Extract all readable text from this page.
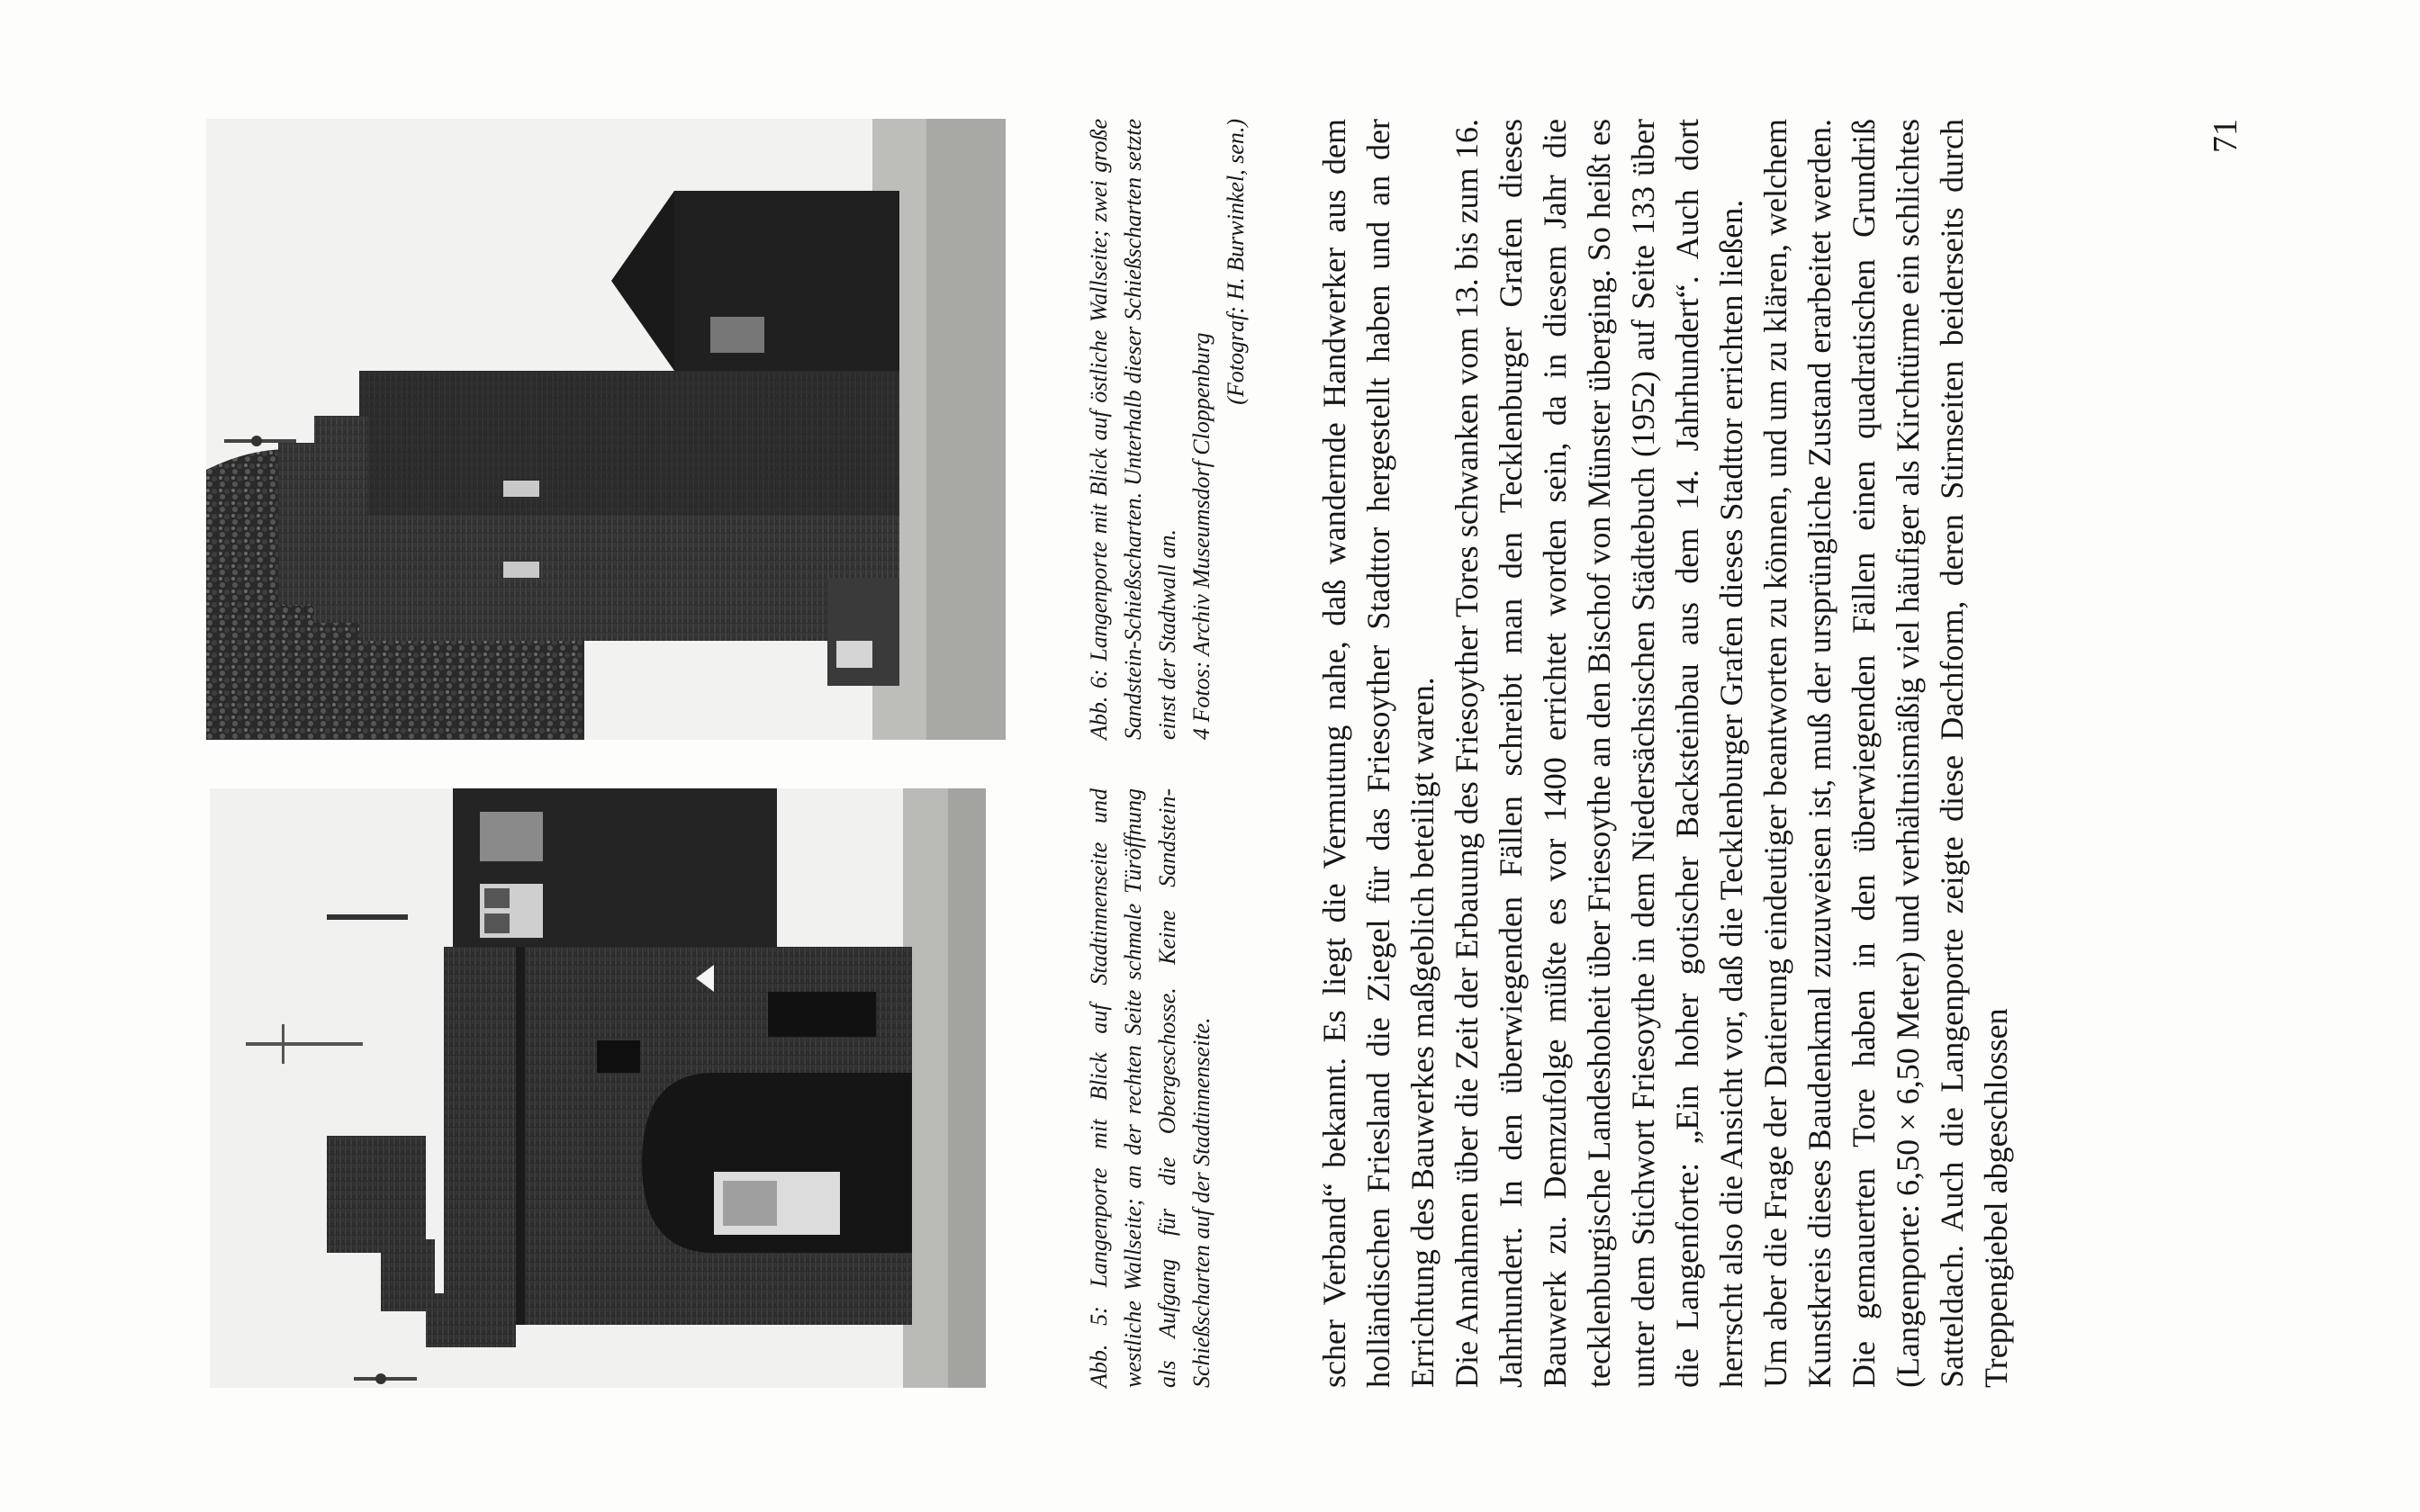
Abb. 5: Langenporte mit Blick auf Stadtinnenseite und westliche Wallseite; an der rechten Seite schmale Türöffnung als Aufgang für die Obergeschosse. Keine Sandstein-Schießscharten auf der Stadtinnenseite.

Abb. 6: Langenporte mit Blick auf östliche Wallseite; zwei große Sandstein-Schießscharten. Unterhalb dieser Schießscharten setzte einst der Stadtwall an. 4 Fotos: Archiv Museumsdorf Cloppenburg

(Fotograf: H. Burwinkel, sen.) scher Verband“ bekannt. Es liegt die Vermutung nahe, daß wandernde Handwerker aus dem holländischen Friesland die Ziegel für das Friesoyther Stadttor hergestellt haben und an der Errichtung des Bauwerkes maßgeblich beteiligt waren. Die Annahmen über die Zeit der Erbauung des Friesoyther Tores schwanken vom 13. bis zum 16. Jahrhundert. In den überwiegenden Fällen schreibt man den Tecklenburger Grafen dieses Bauwerk zu. Demzufolge müßte es vor 1400 errichtet worden sein, da in diesem Jahr die tecklenburgische Landeshoheit über Friesoythe an den Bischof von Münster überging. So heißt es unter dem Stichwort Friesoythe in dem Niedersächsischen Städtebuch (1952) auf Seite 133 über die Langenforte: „Ein hoher gotischer Backsteinbau aus dem 14. Jahrhundert“. Auch dort herrscht also die Ansicht vor, daß die Tecklenburger Grafen dieses Stadttor errichten ließen. Um aber die Frage der Datierung eindeutiger beantworten zu können, und um zu klären, welchem Kunstkreis dieses Baudenkmal zuzuweisen ist, muß der ursprüngliche Zustand erarbeitet werden. Die gemauerten Tore haben in den überwiegenden Fällen einen quadratischen Grundriß (Langenporte: 6,50 × 6,50 Meter) und verhältnismäßig viel häufiger als Kirchtürme ein schlichtes Satteldach. Auch die Langenporte zeigte diese Dachform, deren Stirnseiten beiderseits durch Treppengiebel abgeschlossen

71
